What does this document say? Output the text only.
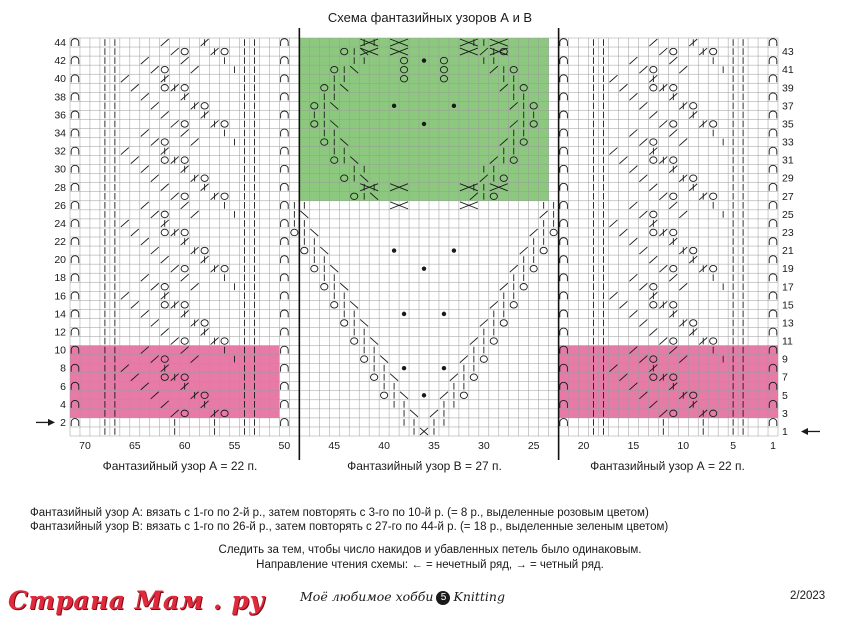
Схема фантазийных узоров А и В
44
42
40
38
36
34
32
30
28
26
24
22
20
18
16
14
12
10
8
6
4
2
43
41
39
37
35
33
31
29
27
25
23
21
19
17
15
13
11
9
7
5
3
1
70	65	60	55	50	45	40	35	30	25	20	15	10	5	1
Фантазийный узор А = 22 п.	Фантазийный узор В = 27 п.	Фантазийный узор А = 22 п.
Фантазийный узор А: вязать с 1-го по 2-й р., затем повторять с 3-го по 10-й р. (= 8 р., выделенные розовым цветом)
Фантазийный узор В: вязать с 1-го по 26-й р., затем повторять с 27-го по 44-й р. (= 18 р., выделенные зеленым цветом)
Следить за тем, чтобы число накидов и убавленных петель было одинаковым.
Направление чтения схемы: ← = нечетный ряд, → = четный ряд.
Страна Мам . ру	Моё любимое хобби 5 Knitting	2/2023
